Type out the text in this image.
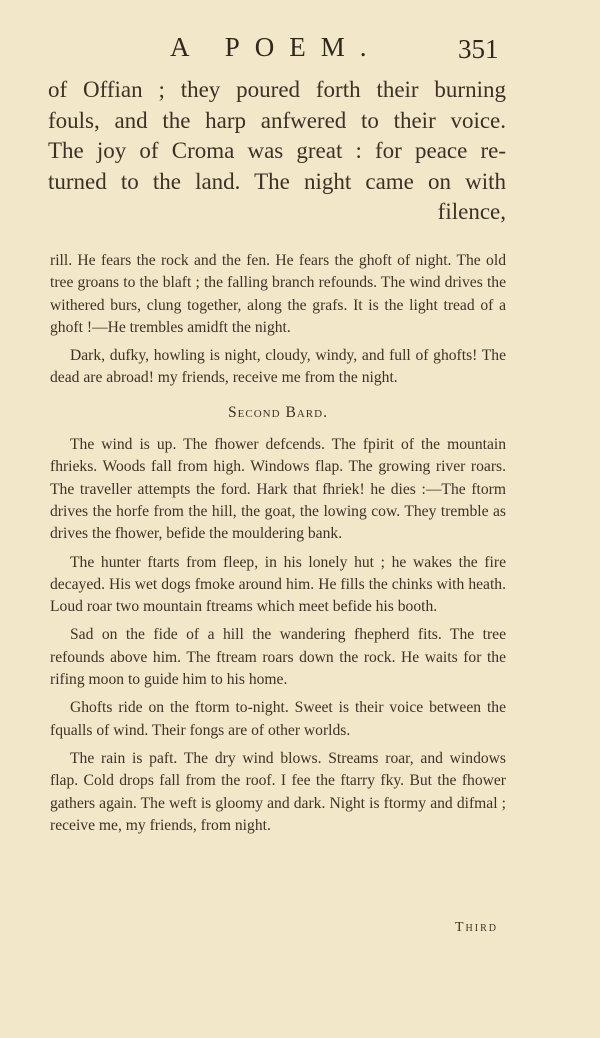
A POEM.	351
of Offian ; they poured forth their burning
fouls, and the harp anfwered to their voice.
The joy of Croma was great : for peace re-
turned to the land. The night came on with
filence,

rill. He fears the rock and the fen. He fears the ghoft of night. The old tree groans to the blaft ; the falling branch refounds. The wind drives the withered burs, clung together, along the grafs. It is the light tread of a ghoft !—He trembles amidft the night.

Dark, dufky, howling is night, cloudy, windy, and full of ghofts! The dead are abroad! my friends, receive me from the night.

Second Bard.

The wind is up. The fhower defcends. The fpirit of the mountain fhrieks. Woods fall from high. Windows flap. The growing river roars. The traveller attempts the ford. Hark that fhriek! he dies :—The ftorm drives the horfe from the hill, the goat, the lowing cow. They tremble as drives the fhower, befide the mouldering bank.

The hunter ftarts from fleep, in his lonely hut ; he wakes the fire decayed. His wet dogs fmoke around him. He fills the chinks with heath. Loud roar two mountain ftreams which meet befide his booth.

Sad on the fide of a hill the wandering fhepherd fits. The tree refounds above him. The ftream roars down the rock. He waits for the rifing moon to guide him to his home.

Ghofts ride on the ftorm to-night. Sweet is their voice between the fqualls of wind. Their fongs are of other worlds.

The rain is paft. The dry wind blows. Streams roar, and windows flap. Cold drops fall from the roof. I fee the ftarry fky. But the fhower gathers again. The weft is gloomy and dark. Night is ftormy and difmal ; receive me, my friends, from night.

Third
